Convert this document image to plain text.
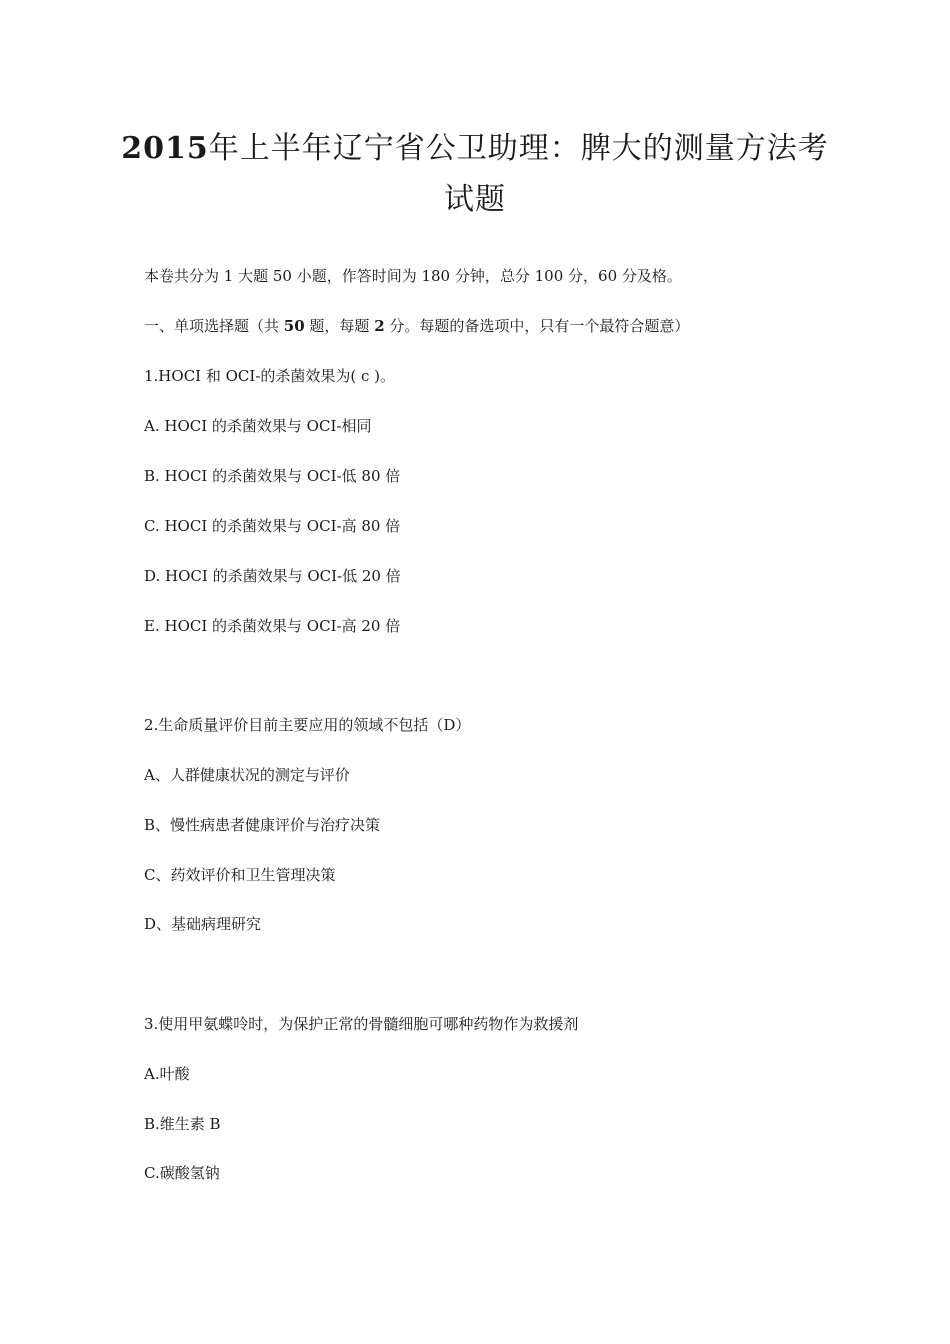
2015年上半年辽宁省公卫助理：脾大的测量方法考
试题
本卷共分为 1 大题 50 小题，作答时间为 180 分钟，总分 100 分，60 分及格。
一、单项选择题（共 50 题，每题 2 分。每题的备选项中，只有一个最符合题意）
1.HOCI 和 OCI-的杀菌效果为( c )。
A. HOCI 的杀菌效果与 OCI-相同
B. HOCI 的杀菌效果与 OCI-低 80 倍
C. HOCI 的杀菌效果与 OCI-高 80 倍
D. HOCI 的杀菌效果与 OCI-低 20 倍
E. HOCI 的杀菌效果与 OCI-高 20 倍
2.生命质量评价目前主要应用的领域不包括（D）
A、人群健康状况的测定与评价
B、慢性病患者健康评价与治疗决策
C、药效评价和卫生管理决策
D、基础病理研究
3.使用甲氨蝶呤时，为保护正常的骨髓细胞可哪种药物作为救援剂
A.叶酸
B.维生素 B
C.碳酸氢钠
